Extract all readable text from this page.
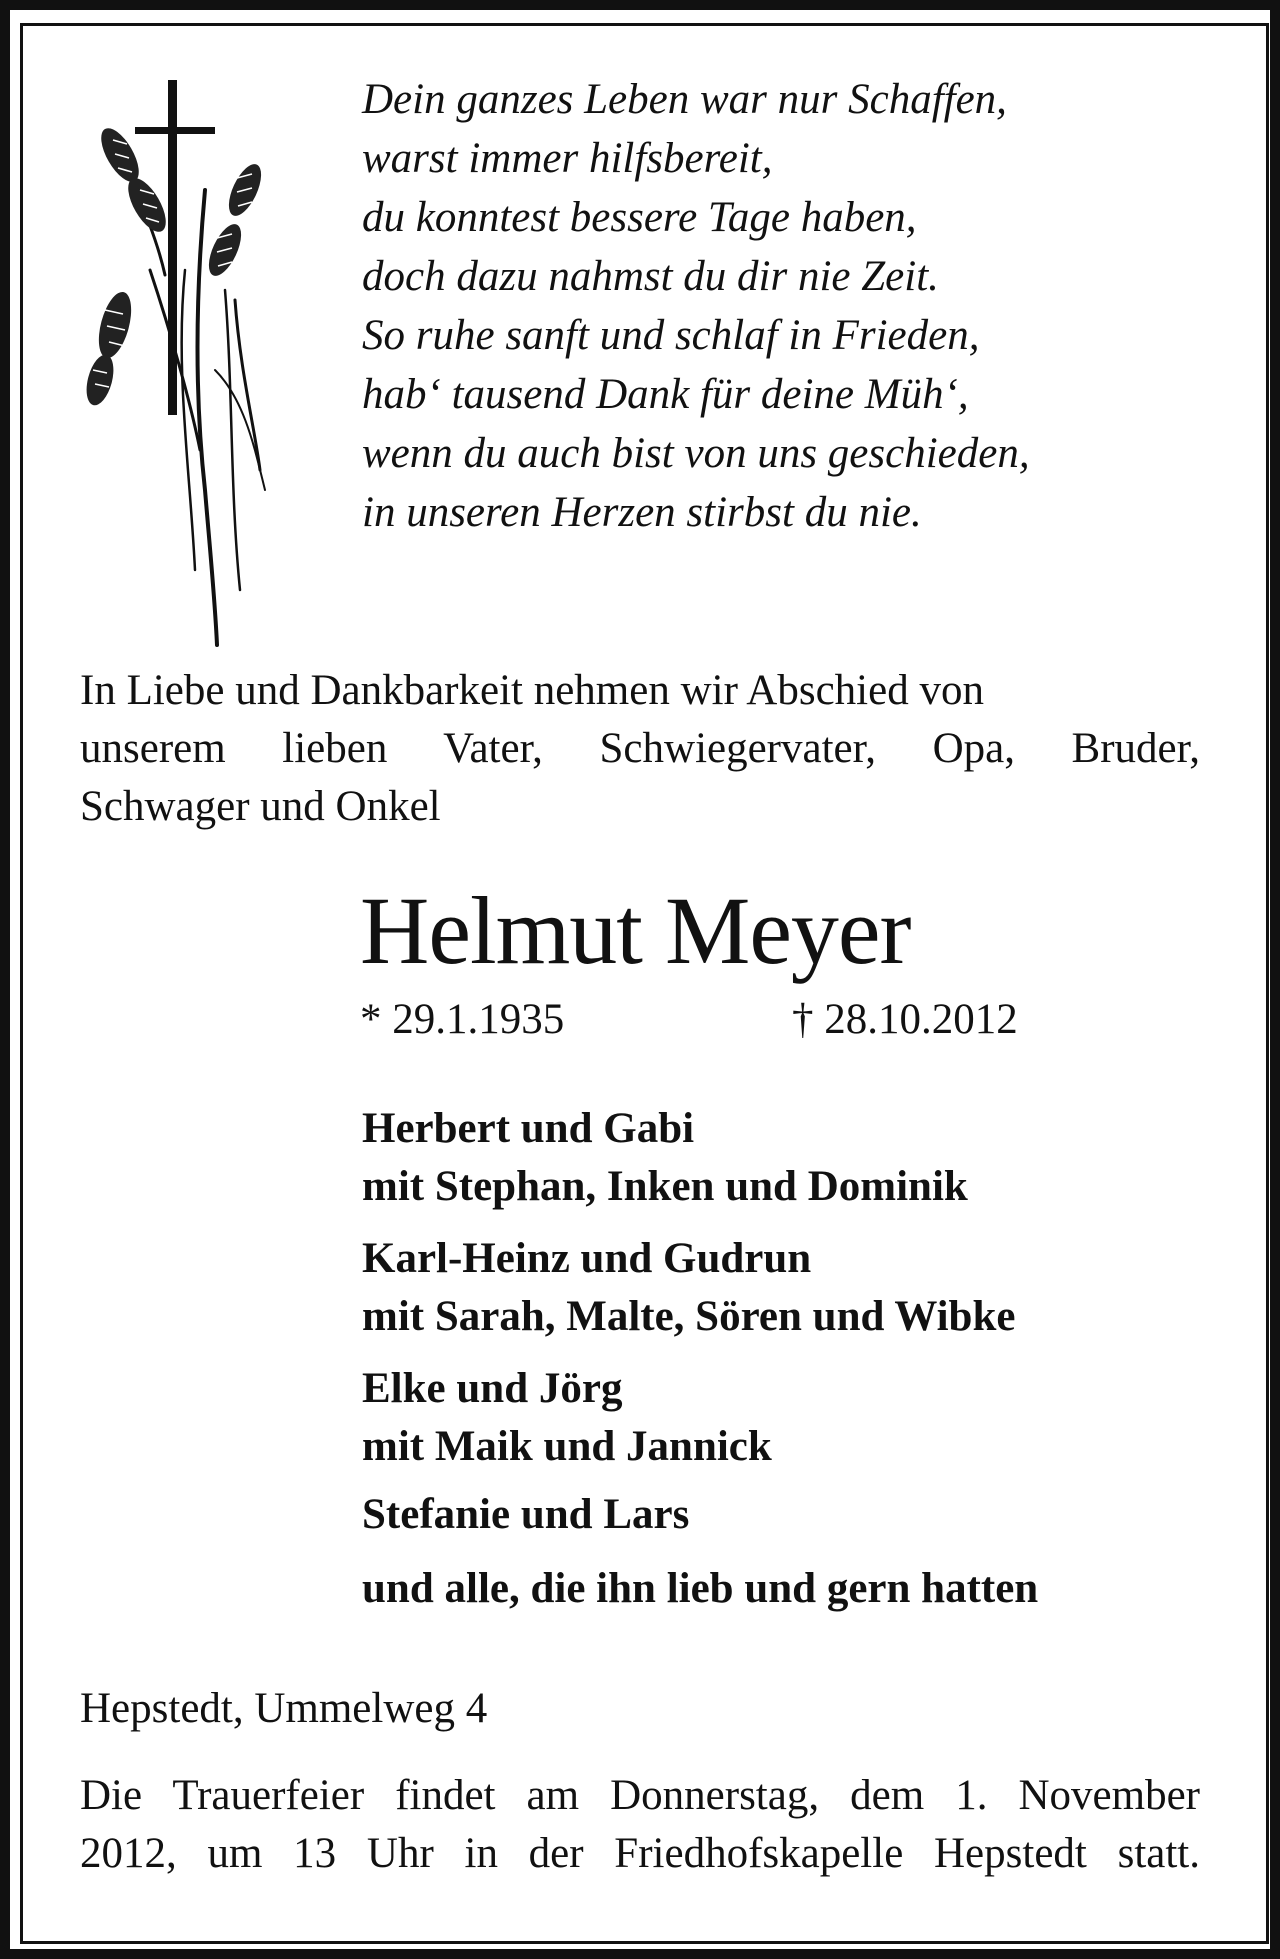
Dein ganzes Leben war nur Schaffen,
warst immer hilfsbereit,
du konntest bessere Tage haben,
doch dazu nahmst du dir nie Zeit.
So ruhe sanft und schlaf in Frieden,
hab‘ tausend Dank für deine Müh‘,
wenn du auch bist von uns geschieden,
in unseren Herzen stirbst du nie.
In Liebe und Dankbarkeit nehmen wir Abschied von
unserem lieben Vater, Schwiegervater, Opa, Bruder,
Schwager und Onkel
Helmut Meyer
* 29.1.1935	† 28.10.2012
Herbert und Gabi
mit Stephan, Inken und Dominik
Karl-Heinz und Gudrun
mit Sarah, Malte, Sören und Wibke
Elke und Jörg
mit Maik und Jannick
Stefanie und Lars
und alle, die ihn lieb und gern hatten
Hepstedt, Ummelweg 4
Die Trauerfeier findet am Donnerstag, dem 1. November
2012, um 13 Uhr in der Friedhofskapelle Hepstedt statt.
